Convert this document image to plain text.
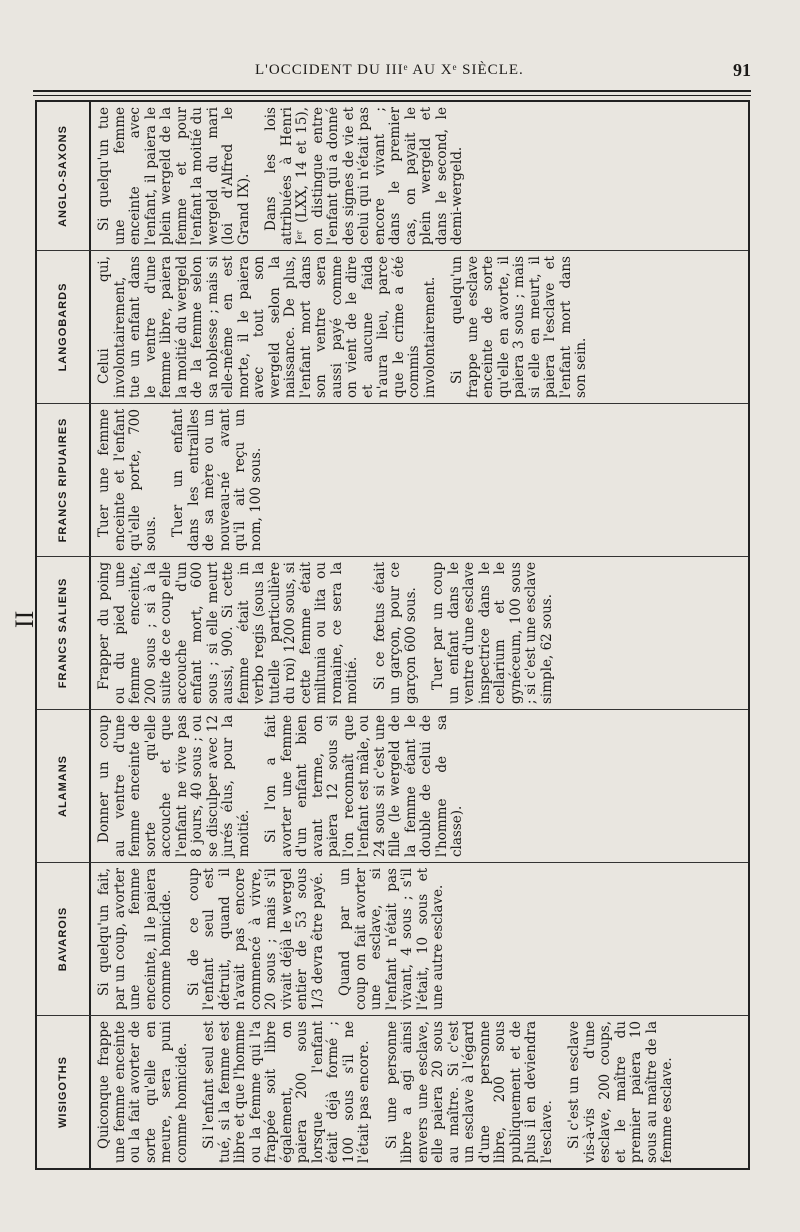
L'OCCIDENT DU IIIᵉ AU Xᵉ SIÈCLE.	91
II
WISIGOTHS	Quiconque frappe une femme enceinte ou la fait avorter de sorte qu'elle en meure, sera puni comme homicide. Si l'enfant seul est tué, si la femme est libre et que l'homme ou la femme qui l'a frappée soit libre également, on paiera 200 sous lorsque l'enfant était déjà formé ; 100 sous s'il ne l'était pas encore. Si une personne libre a agi ainsi envers une esclave, elle paiera 20 sous au maître. Si c'est un esclave à l'égard d'une personne libre, 200 sous publiquement et de plus il en deviendra l'esclave. Si c'est un esclave vis-à-vis d'une esclave, 200 coups, et le maître du premier paiera 10 sous au maître de la femme esclave.

BAVAROIS	Si quelqu'un fait, par un coup, avorter une femme enceinte, il le paiera comme homicide. Si de ce coup l'enfant seul est détruit, quand il n'avait pas encore commencé à vivre, 20 sous ; mais s'il vivait déjà le wergel entier de 53 sous 1/3 devra être payé. Quand par un coup on fait avorter une esclave, si l'enfant n'était pas vivant, 4 sous ; s'il l'était, 10 sous et une autre esclave.

ALAMANS	Donner un coup au ventre d'une femme enceinte de sorte qu'elle accouche et que l'enfant ne vive pas 8 jours, 40 sous ; ou se disculper avec 12 jurés élus, pour la moitié. Si l'on a fait avorter une femme d'un enfant bien avant terme, on paiera 12 sous si l'on reconnaît que l'enfant est mâle, ou 24 sous si c'est une fille (le wergeld de la femme étant le double de celui de l'homme de sa classe).

FRANCS SALIENS	Frapper du poing ou du pied une femme enceinte, 200 sous ; si à la suite de ce coup elle accouche d'un enfant mort, 600 sous ; si elle meurt aussi, 900. Si cette femme était in verbo regis (sous la tutelle particulière du roi) 1200 sous, si cette femme était miltunia ou lita ou romaine, ce sera la moitié. Si ce fœtus était un garçon, pour ce garçon 600 sous. Tuer par un coup un enfant dans le ventre d'une esclave inspectrice dans le cellarium et le gynéceum, 100 sous ; si c'est une esclave simple, 62 sous.

FRANCS RIPUAIRES	Tuer une femme enceinte et l'enfant qu'elle porte, 700 sous. Tuer un enfant dans les entrailles de sa mère ou un nouveau-né avant qu'il ait reçu un nom, 100 sous.

LANGOBARDS	Celui qui, involontairement, tue un enfant dans le ventre d'une femme libre, paiera la moitié du wergeld de la femme selon sa noblesse ; mais si elle-même en est morte, il le paiera avec tout son wergeld selon la naissance. De plus, l'enfant mort dans son ventre sera aussi payé comme on vient de le dire et aucune faida n'aura lieu, parce que le crime a été commis involontairement. Si quelqu'un frappe une esclave enceinte de sorte qu'elle en avorte, il paiera 3 sous ; mais si elle en meurt, il paiera l'esclave et l'enfant mort dans son sein.

ANGLO-SAXONS	Si quelqu'un tue une femme enceinte avec l'enfant, il paiera le plein wergeld de la femme et pour l'enfant la moitié du wergeld du mari (loi d'Alfred le Grand IX). Dans les lois attribuées à Henri Iᵉʳ (LXX, 14 et 15), on distingue entre l'enfant qui a donné des signes de vie et celui qui n'était pas encore vivant ; dans le premier cas, on payait le plein wergeld et dans le second, le demi-wergeld.
